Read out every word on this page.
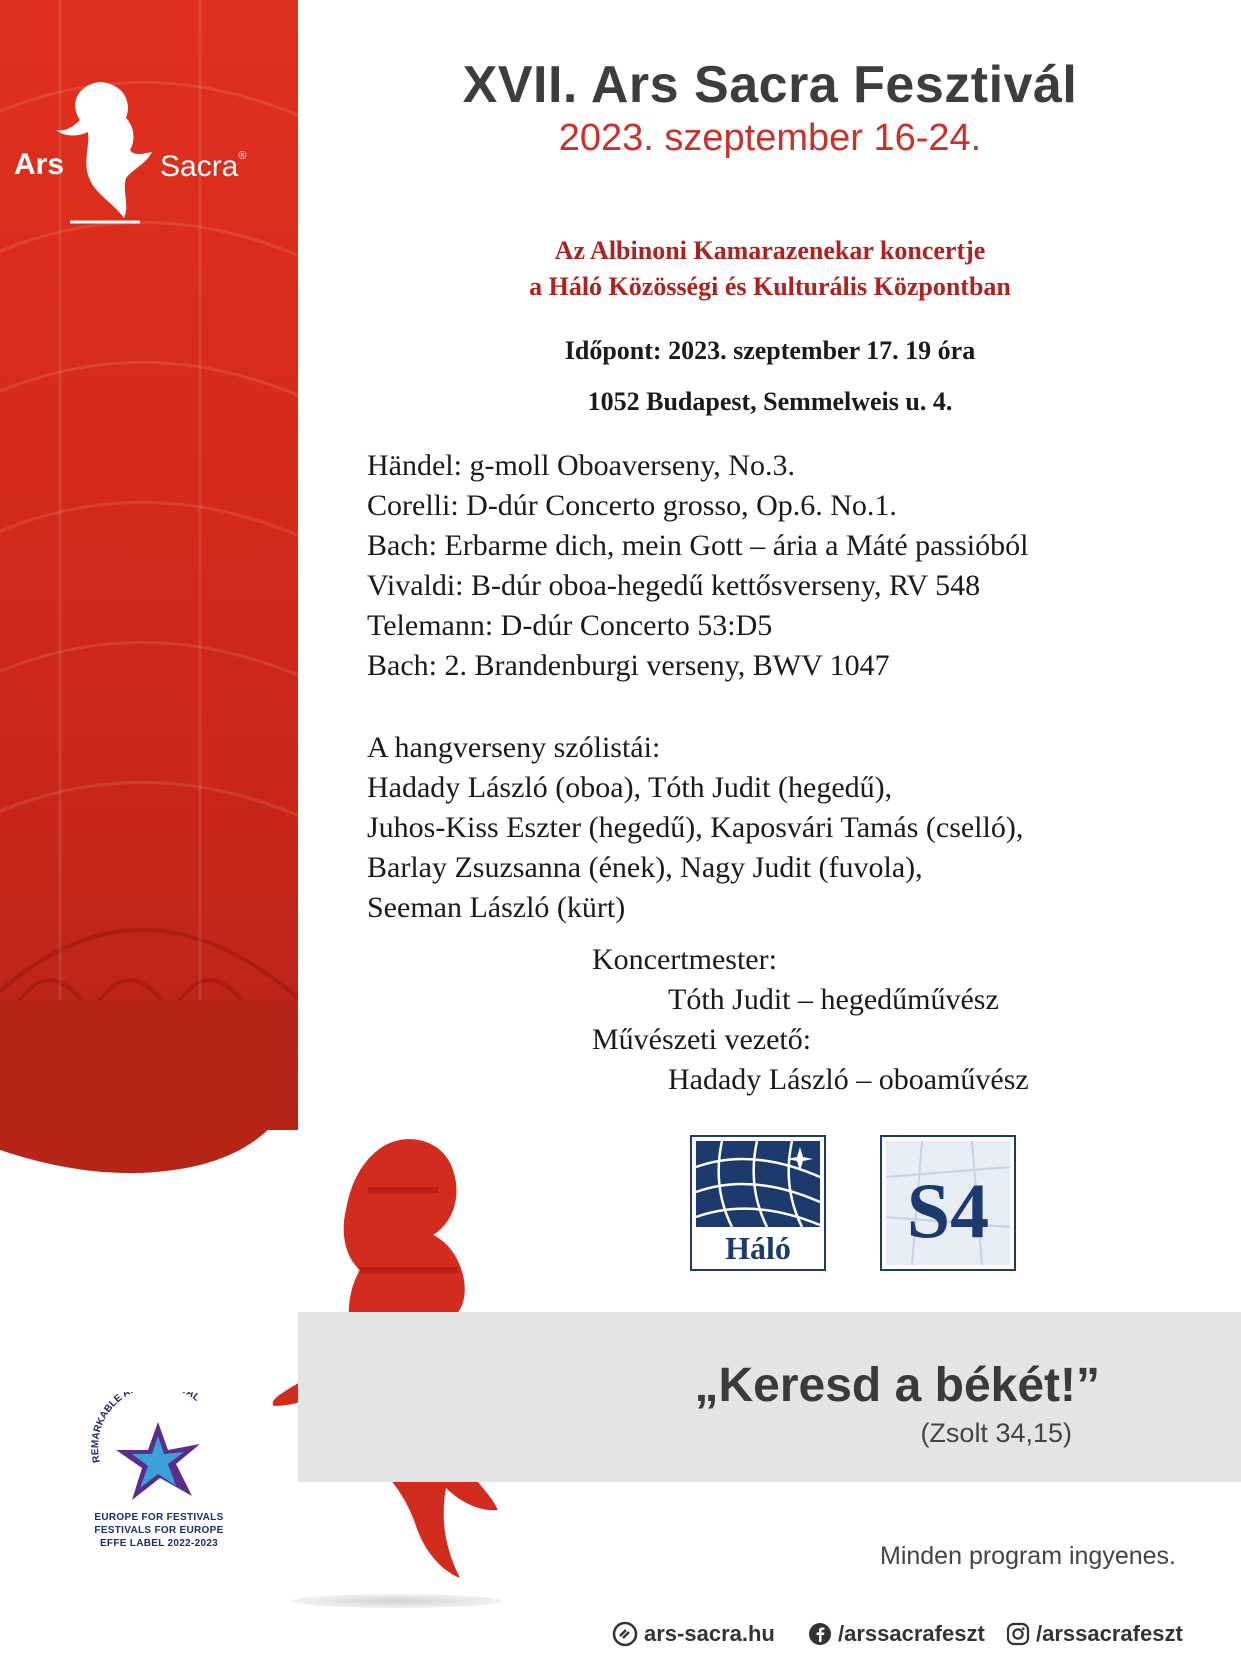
Ars	Sacra®
XVII. Ars Sacra Fesztivál
2023. szeptember 16-24.
Az Albinoni Kamarazenekar koncertje
a Háló Közösségi és Kulturális Központban
Időpont: 2023. szeptember 17. 19 óra
1052 Budapest, Semmelweis u. 4.
Händel: g-moll Oboaverseny, No.3.
Corelli: D-dúr Concerto grosso, Op.6. No.1.
Bach: Erbarme dich, mein Gott – ária a Máté passióból
Vivaldi: B-dúr oboa-hegedű kettősverseny, RV 548
Telemann: D-dúr Concerto 53:D5
Bach: 2. Brandenburgi verseny, BWV 1047
A hangverseny szólistái:
Hadady László (oboa), Tóth Judit (hegedű),
Juhos-Kiss Eszter (hegedű), Kaposvári Tamás (cselló),
Barlay Zsuzsanna (ének), Nagy Judit (fuvola),
Seeman László (kürt)
Koncertmester:
Tóth Judit – hegedűművész
Művészeti vezető:
Hadady László – oboaművész
Háló S4
„Keresd a békét!”
(Zsolt 34,15)
REMARKABLE A AL
EUROPE FOR FESTIVALS
FESTIVALS FOR EUROPE
EFFE LABEL 2022-2023	Minden program ingyenes.
ars-sacra.hu	/arssacrafeszt /arssacrafeszt
